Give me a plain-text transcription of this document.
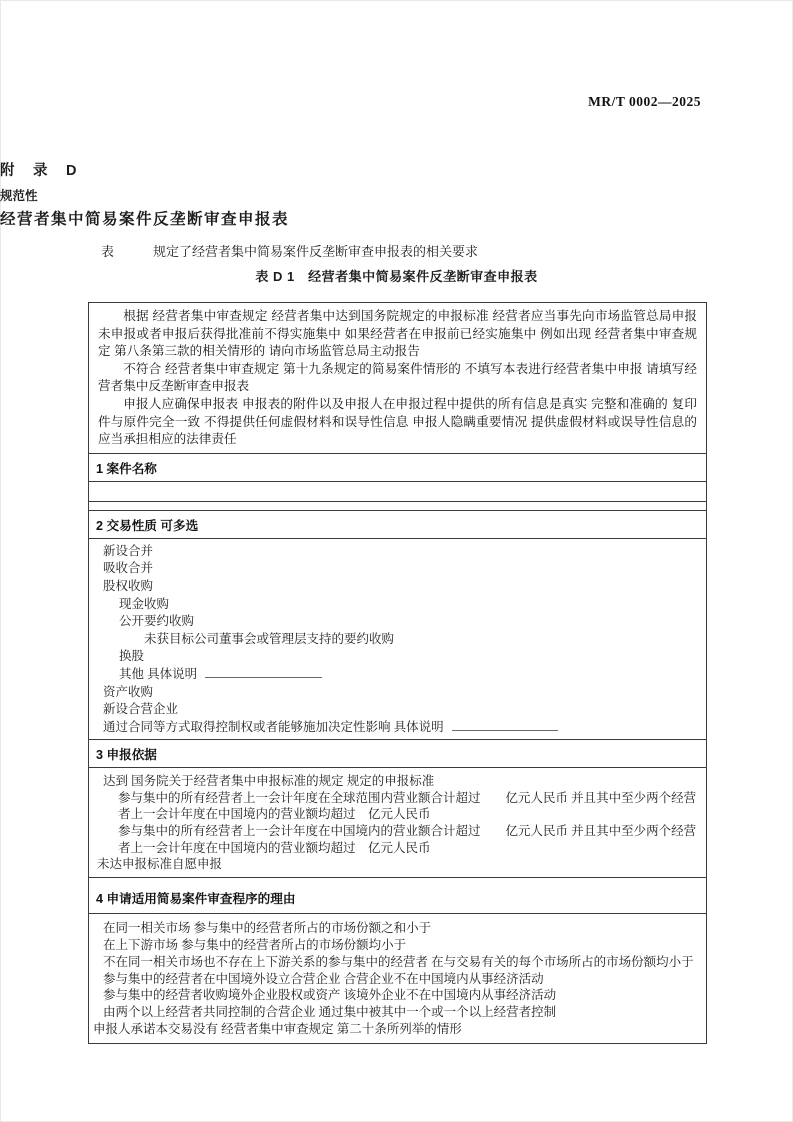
MR/T 0002—2025
附　录　D
规范性
经营者集中简易案件反垄断审查申报表
表	规定了经营者集中简易案件反垄断审查申报表的相关要求
表 D 1　经营者集中简易案件反垄断审查申报表

根据 经营者集中审查规定 经营者集中达到国务院规定的申报标准 经营者应当事先向市场监管总局申报 未申报或者申报后获得批准前不得实施集中 如果经营者在申报前已经实施集中 例如出现 经营者集中审查规定 第八条第三款的相关情形的 请向市场监管总局主动报告

不符合 经营者集中审查规定 第十九条规定的简易案件情形的 不填写本表进行经营者集中申报 请填写经营者集中反垄断审查申报表

申报人应确保申报表 申报表的附件以及申报人在申报过程中提供的所有信息是真实 完整和准确的 复印件与原件完全一致 不得提供任何虚假材料和误导性信息 申报人隐瞒重要情况 提供虚假材料或误导性信息的 应当承担相应的法律责任

1 案件名称
2 交易性质 可多选
新设合并
吸收合并
股权收购
现金收购
公开要约收购
未获目标公司董事会或管理层支持的要约收购
换股
其他 具体说明
资产收购
新设合营企业
通过合同等方式取得控制权或者能够施加决定性影响 具体说明
3 申报依据
达到 国务院关于经营者集中申报标准的规定 规定的申报标准
参与集中的所有经营者上一会计年度在全球范围内营业额合计超过　　亿元人民币 并且其中至少两个经营者上一会计年度在中国境内的营业额均超过　亿元人民币
参与集中的所有经营者上一会计年度在中国境内的营业额合计超过　　亿元人民币 并且其中至少两个经营者上一会计年度在中国境内的营业额均超过　亿元人民币
未达申报标准自愿申报
4 申请适用简易案件审查程序的理由
在同一相关市场 参与集中的经营者所占的市场份额之和小于
在上下游市场 参与集中的经营者所占的市场份额均小于
不在同一相关市场也不存在上下游关系的参与集中的经营者 在与交易有关的每个市场所占的市场份额均小于
参与集中的经营者在中国境外设立合营企业 合营企业不在中国境内从事经济活动
参与集中的经营者收购境外企业股权或资产 该境外企业不在中国境内从事经济活动
由两个以上经营者共同控制的合营企业 通过集中被其中一个或一个以上经营者控制
申报人承诺本交易没有 经营者集中审查规定 第二十条所列举的情形
